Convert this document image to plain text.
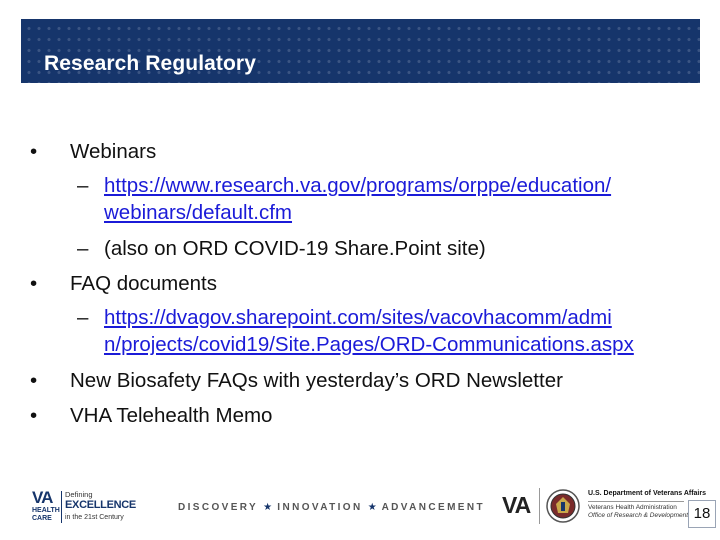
Research Regulatory
• Webinars
– https://www.research.va.gov/programs/orppe/education/
webinars/default.cfm
– (also on ORD COVID-19 Share.Point site)
• FAQ documents
– https://dvagov.sharepoint.com/sites/vacovhacomm/admi
n/projects/covid19/Site.Pages/ORD-Communications.aspx
• New Biosafety FAQs with yesterday’s ORD Newsletter
• VHA Telehealth Memo
VA
HEALTH
CARE
Defining
EXCELLENCE
in the 21st Century
DISCOVERY ★ INNOVATION ★ ADVANCEMENT VA	U.S. Department of Veterans Affairs
Veterans Health Administration
Office of Research & Development 18
